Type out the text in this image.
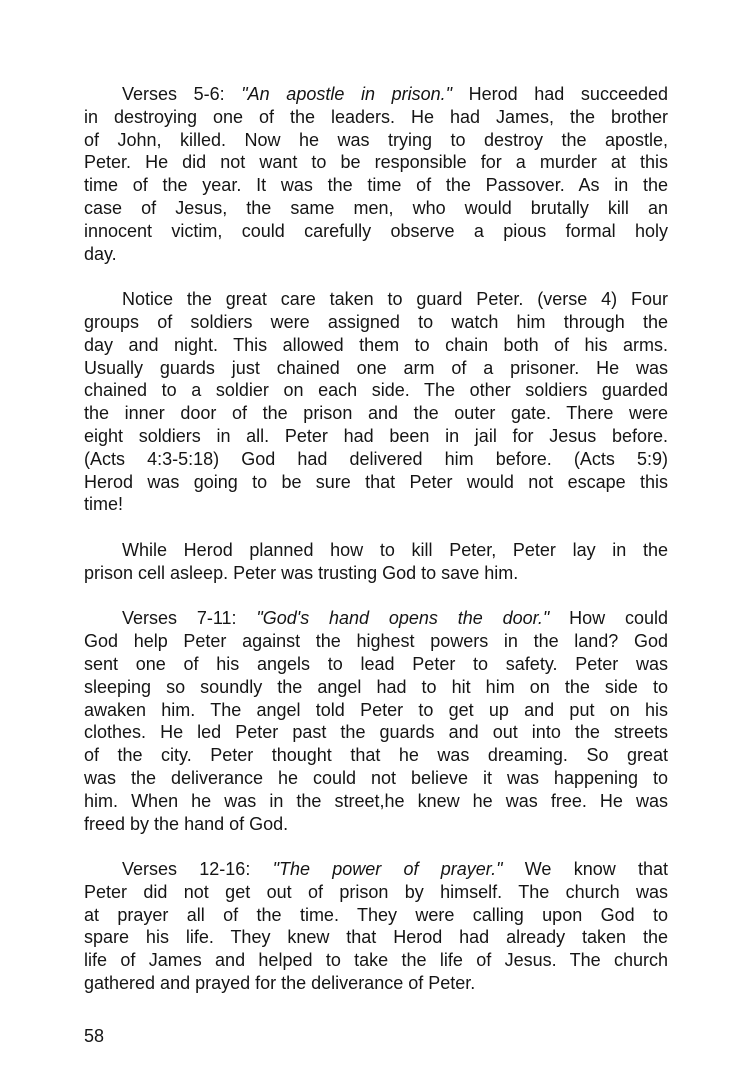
Verses 5-6: "An apostle in prison." Herod had succeeded
in destroying one of the leaders. He had James, the brother
of John, killed. Now he was trying to destroy the apostle,
Peter. He did not want to be responsible for a murder at this
time of the year. It was the time of the Passover. As in the
case of Jesus, the same men, who would brutally kill an
innocent victim, could carefully observe a pious formal holy
day.
Notice the great care taken to guard Peter. (verse 4) Four
groups of soldiers were assigned to watch him through the
day and night. This allowed them to chain both of his arms.
Usually guards just chained one arm of a prisoner. He was
chained to a soldier on each side. The other soldiers guarded
the inner door of the prison and the outer gate. There were
eight soldiers in all. Peter had been in jail for Jesus before.
(Acts 4:3-5:18) God had delivered him before. (Acts 5:9)
Herod was going to be sure that Peter would not escape this
time!
While Herod planned how to kill Peter, Peter lay in the
prison cell asleep. Peter was trusting God to save him.
Verses 7-11: "God's hand opens the door." How could
God help Peter against the highest powers in the land? God
sent one of his angels to lead Peter to safety. Peter was
sleeping so soundly the angel had to hit him on the side to
awaken him. The angel told Peter to get up and put on his
clothes. He led Peter past the guards and out into the streets
of the city. Peter thought that he was dreaming. So great
was the deliverance he could not believe it was happening to
him. When he was in the street,he knew he was free. He was
freed by the hand of God.
Verses 12-16: "The power of prayer." We know that
Peter did not get out of prison by himself. The church was
at prayer all of the time. They were calling upon God to
spare his life. They knew that Herod had already taken the
life of James and helped to take the life of Jesus. The church
gathered and prayed for the deliverance of Peter.
58
